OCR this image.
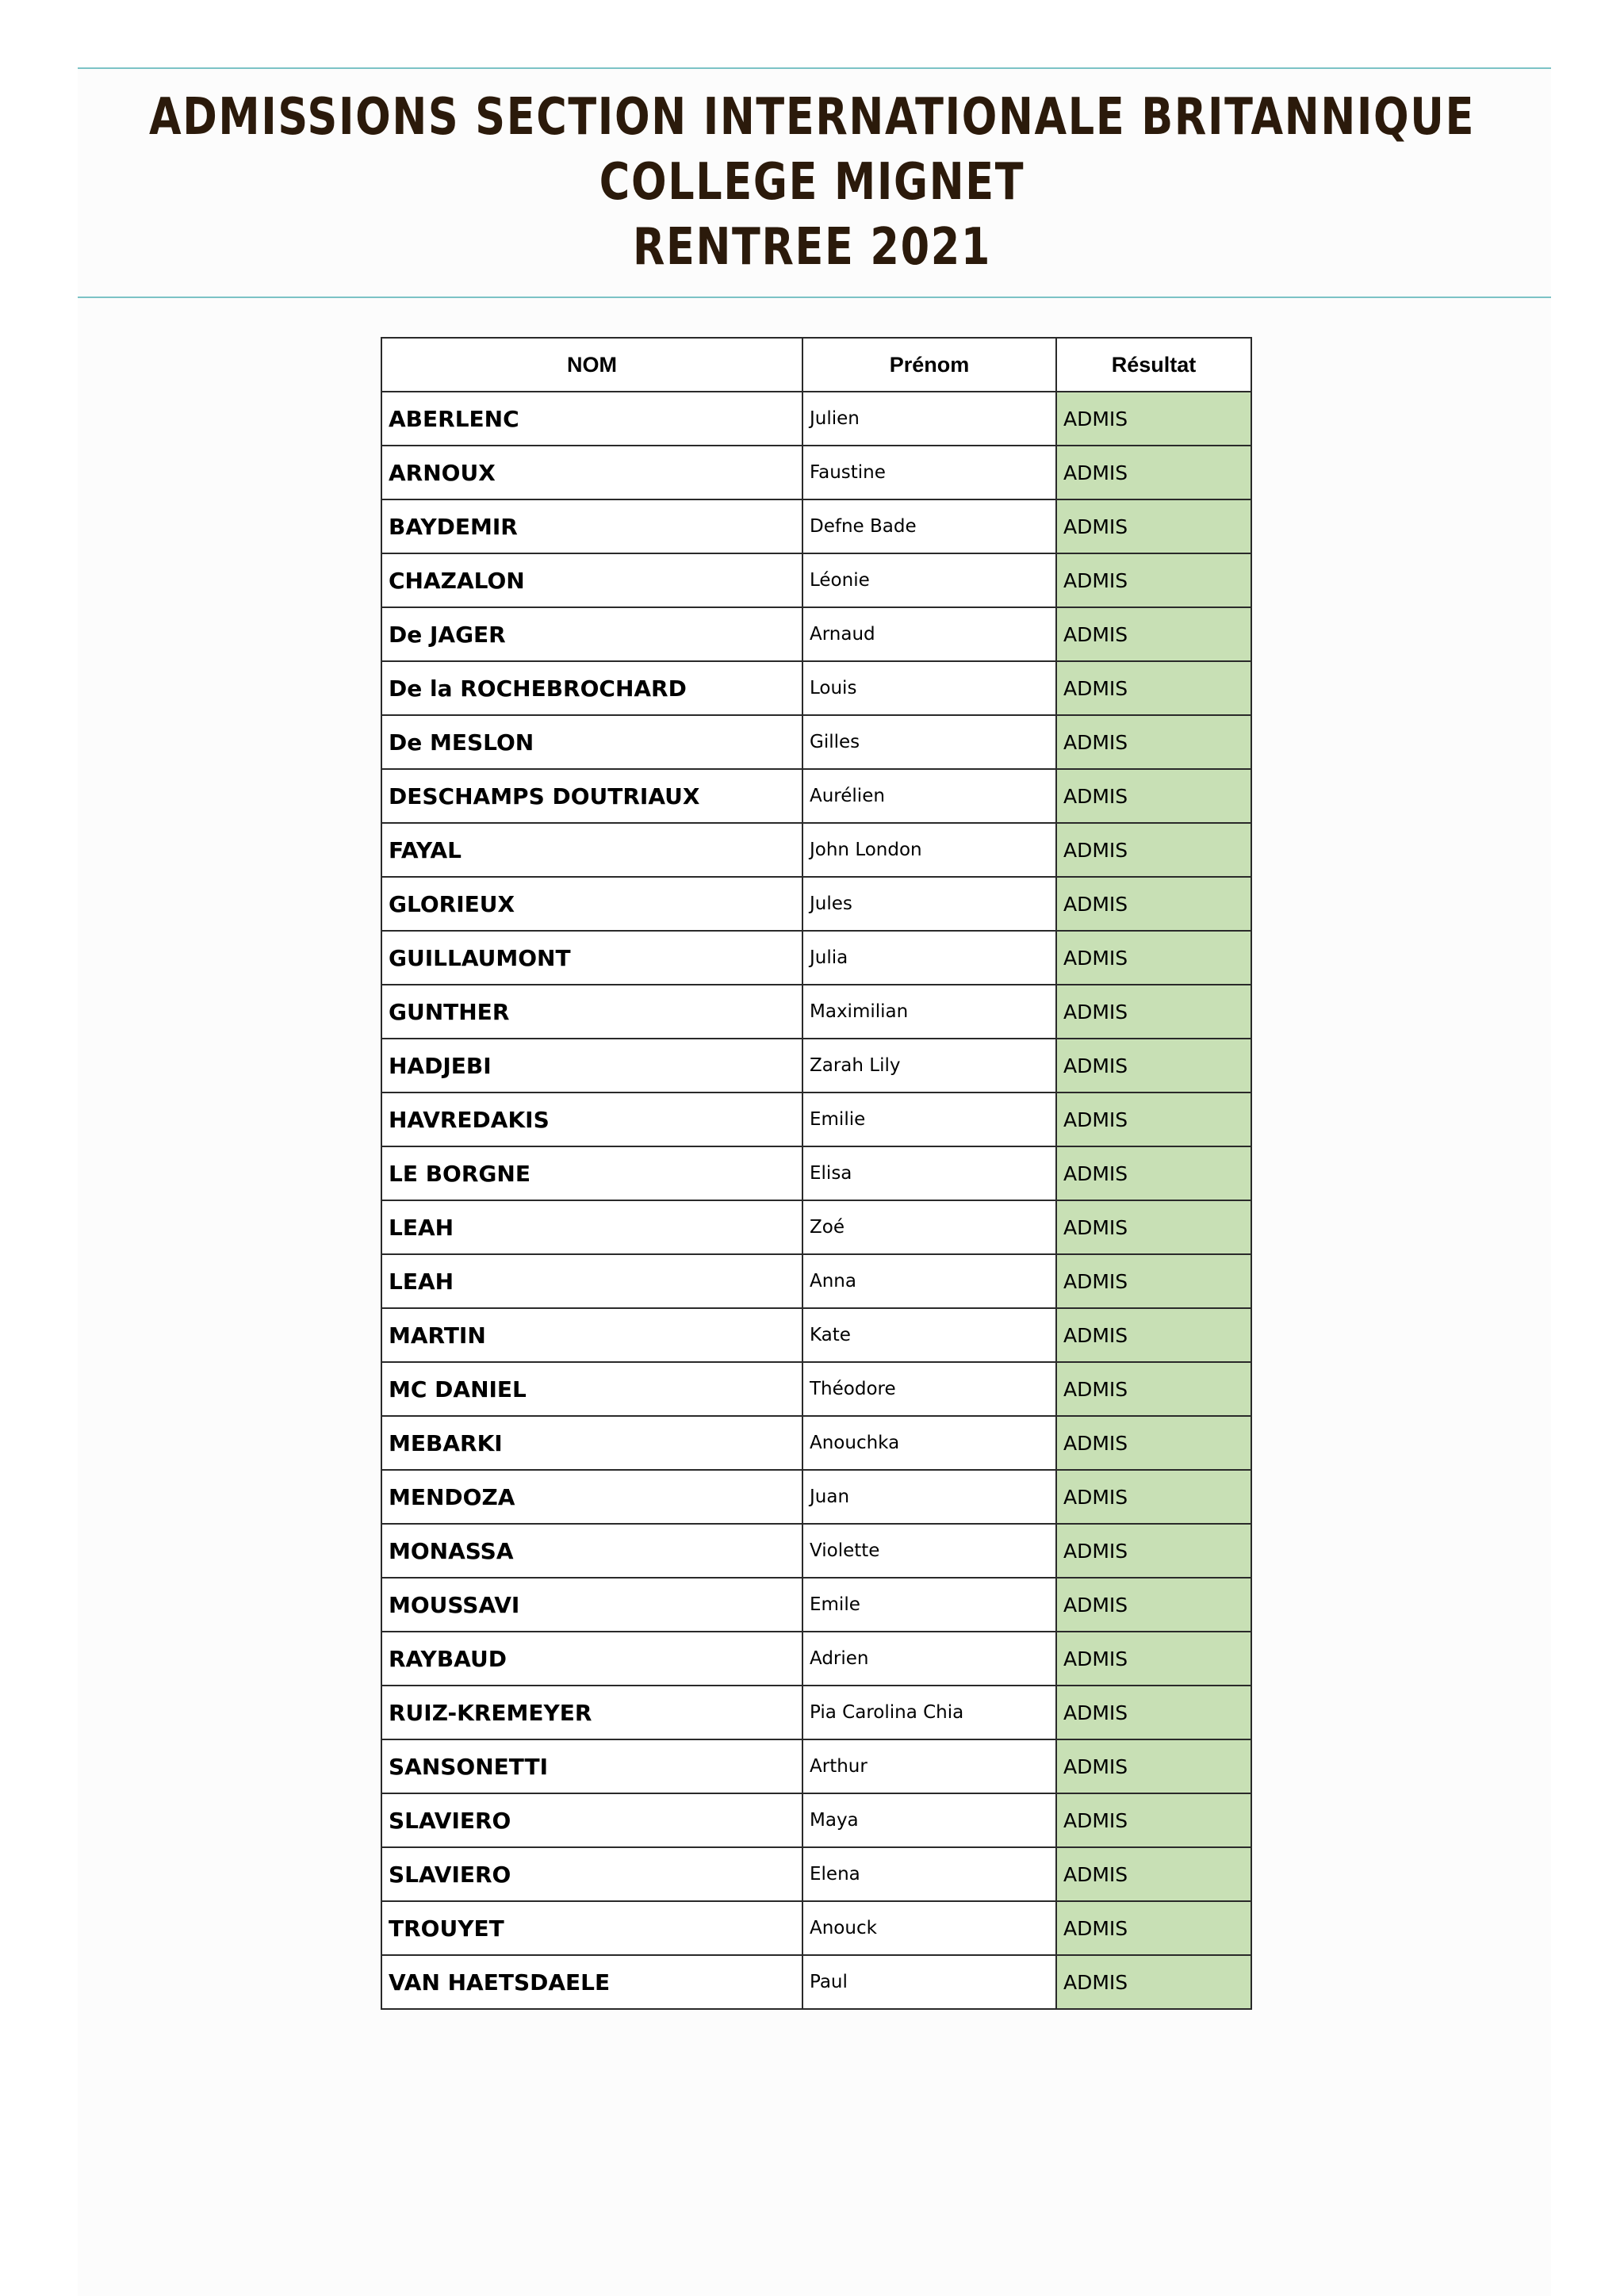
ADMISSIONS SECTION INTERNATIONALE BRITANNIQUE
COLLEGE MIGNET
RENTREE 2021
NOM	Prénom	Résultat
ABERLENC	Julien	ADMIS
ARNOUX	Faustine	ADMIS
BAYDEMIR	Defne Bade	ADMIS
CHAZALON	Léonie	ADMIS
De JAGER	Arnaud	ADMIS
De la ROCHEBROCHARD	Louis	ADMIS
De MESLON	Gilles	ADMIS
DESCHAMPS DOUTRIAUX	Aurélien	ADMIS
FAYAL	John London	ADMIS
GLORIEUX	Jules	ADMIS
GUILLAUMONT	Julia	ADMIS
GUNTHER	Maximilian	ADMIS
HADJEBI	Zarah Lily	ADMIS
HAVREDAKIS	Emilie	ADMIS
LE BORGNE	Elisa	ADMIS
LEAH	Zoé	ADMIS
LEAH	Anna	ADMIS
MARTIN	Kate	ADMIS
MC DANIEL	Théodore	ADMIS
MEBARKI	Anouchka	ADMIS
MENDOZA	Juan	ADMIS
MONASSA	Violette	ADMIS
MOUSSAVI	Emile	ADMIS
RAYBAUD	Adrien	ADMIS
RUIZ-KREMEYER	Pia Carolina Chia	ADMIS
SANSONETTI	Arthur	ADMIS
SLAVIERO	Maya	ADMIS
SLAVIERO	Elena	ADMIS
TROUYET	Anouck	ADMIS
VAN HAETSDAELE	Paul	ADMIS
